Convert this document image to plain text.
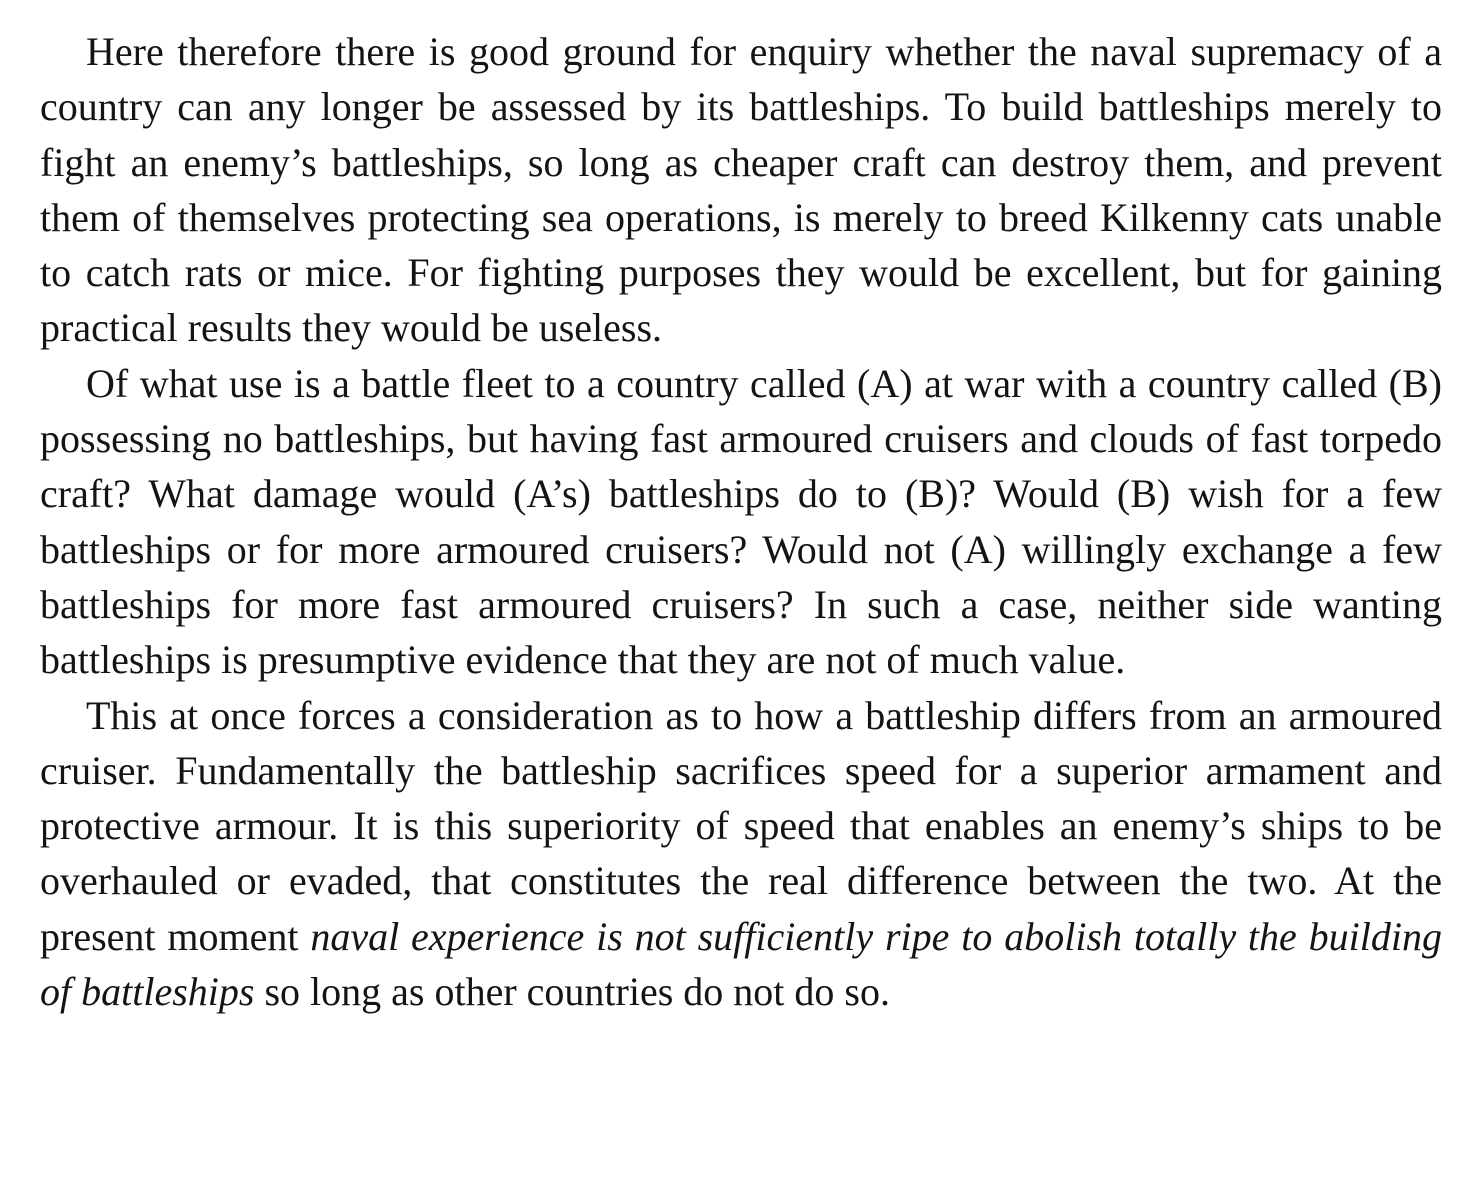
Here therefore there is good ground for enquiry whether the naval supremacy of a country can any longer be assessed by its battleships. To build battleships merely to fight an enemy’s battleships, so long as cheaper craft can destroy them, and prevent them of themselves protecting sea operations, is merely to breed Kilkenny cats unable to catch rats or mice. For fighting purposes they would be excellent, but for gaining practical results they would be useless.

Of what use is a battle fleet to a country called (A) at war with a country called (B) possessing no battleships, but having fast armoured cruisers and clouds of fast torpedo craft? What damage would (A’s) battleships do to (B)? Would (B) wish for a few battleships or for more armoured cruisers? Would not (A) willingly exchange a few battleships for more fast armoured cruisers? In such a case, neither side wanting battleships is presumptive evidence that they are not of much value.

This at once forces a consideration as to how a battleship differs from an armoured cruiser. Fundamentally the battleship sacrifices speed for a superior armament and protective armour. It is this superiority of speed that enables an enemy’s ships to be overhauled or evaded, that constitutes the real difference between the two. At the present moment naval experience is not sufficiently ripe to abolish totally the building of battleships so long as other countries do not do so.
